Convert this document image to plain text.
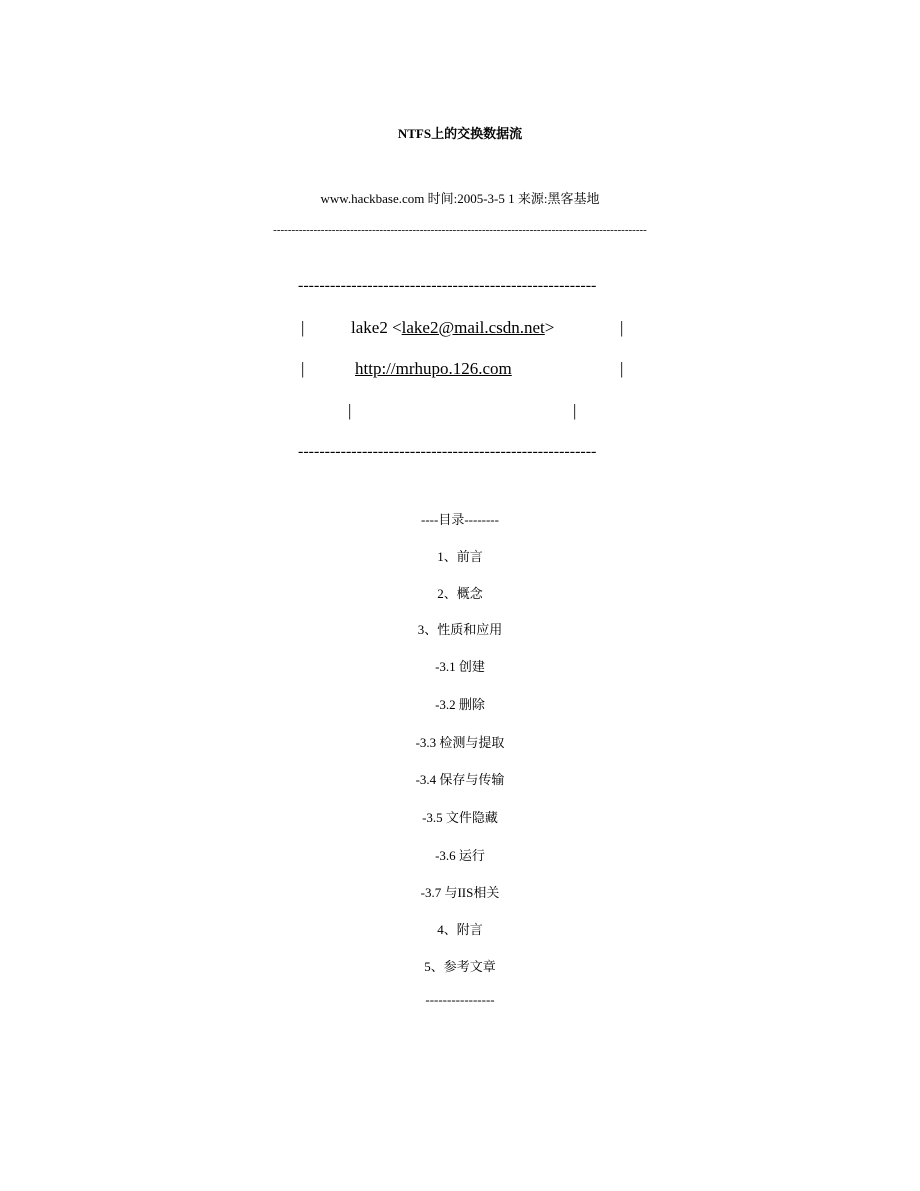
NTFS上的交换数据流
www.hackbase.com 时间:2005-3-5 1 来源:黑客基地
------------------------------------------------------------------------------------------------------
--------------------------------------------------------
|	lake2 <lake2@mail.csdn.net>	|
|	http://mrhupo.126.com	|
|	|
--------------------------------------------------------
----目录--------
1、前言
2、概念
3、性质和应用
-3.1 创建
-3.2 删除
-3.3 检测与提取
-3.4 保存与传输
-3.5 文件隐藏
-3.6 运行
-3.7 与IIS相关
4、附言
5、参考文章
----------------
